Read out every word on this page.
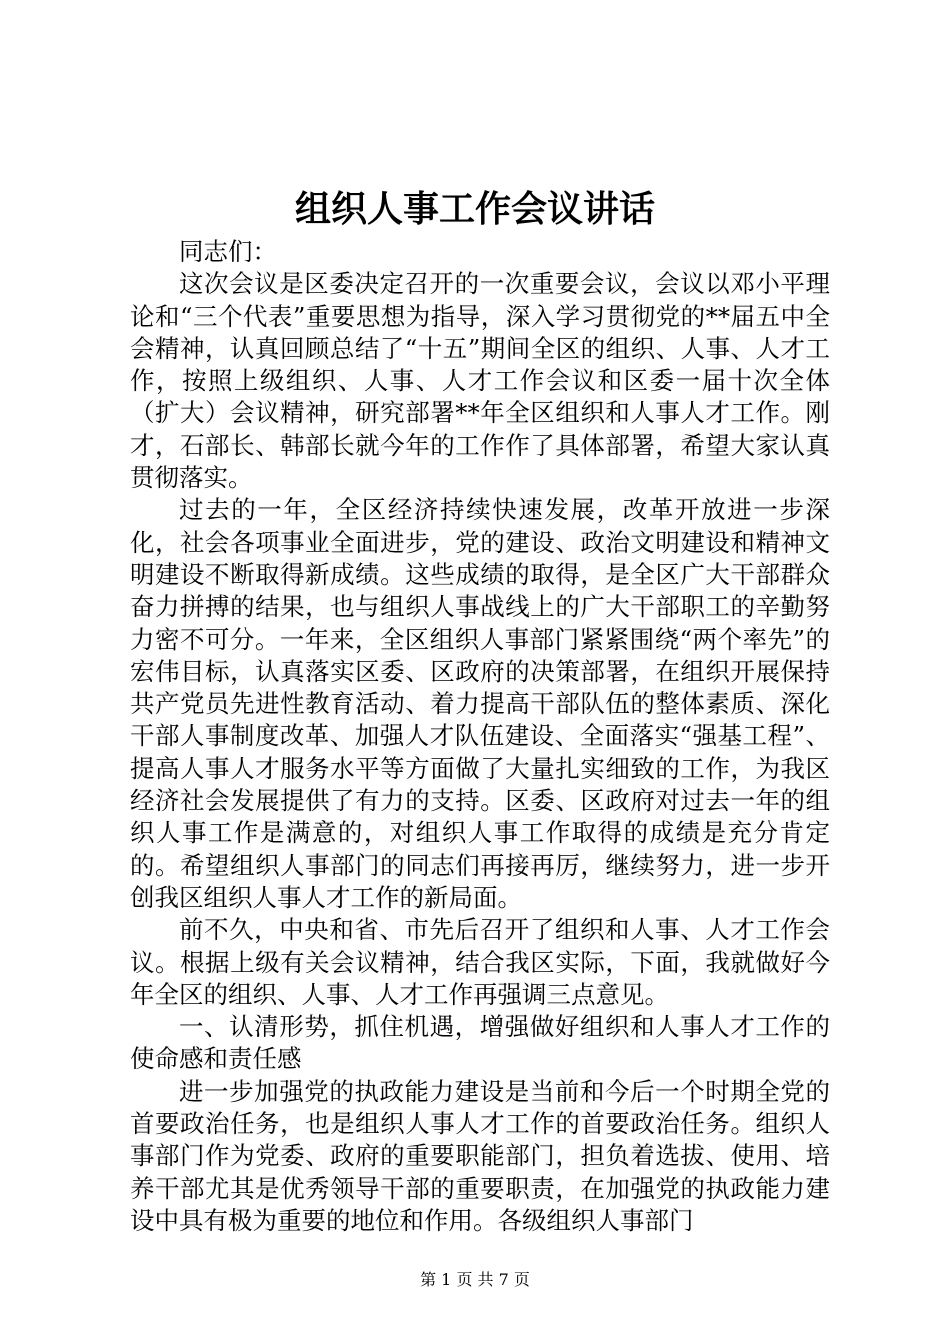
组织人事工作会议讲话

同志们：

这次会议是区委决定召开的一次重要会议，会议以邓小平理论和“三个代表”重要思想为指导，深入学习贯彻党的**届五中全会精神，认真回顾总结了“十五”期间全区的组织、人事、人才工作，按照上级组织、人事、人才工作会议和区委一届十次全体（扩大）会议精神，研究部署**年全区组织和人事人才工作。刚才，石部长、韩部长就今年的工作作了具体部署，希望大家认真贯彻落实。

过去的一年，全区经济持续快速发展，改革开放进一步深化，社会各项事业全面进步，党的建设、政治文明建设和精神文明建设不断取得新成绩。这些成绩的取得，是全区广大干部群众奋力拼搏的结果，也与组织人事战线上的广大干部职工的辛勤努力密不可分。一年来，全区组织人事部门紧紧围绕“两个率先”的宏伟目标，认真落实区委、区政府的决策部署，在组织开展保持共产党员先进性教育活动、着力提高干部队伍的整体素质、深化干部人事制度改革、加强人才队伍建设、全面落实“强基工程”、提高人事人才服务水平等方面做了大量扎实细致的工作，为我区经济社会发展提供了有力的支持。区委、区政府对过去一年的组织人事工作是满意的，对组织人事工作取得的成绩是充分肯定的。希望组织人事部门的同志们再接再厉，继续努力，进一步开创我区组织人事人才工作的新局面。

前不久，中央和省、市先后召开了组织和人事、人才工作会议。根据上级有关会议精神，结合我区实际，下面，我就做好今年全区的组织、人事、人才工作再强调三点意见。

一、认清形势，抓住机遇，增强做好组织和人事人才工作的使命感和责任感

进一步加强党的执政能力建设是当前和今后一个时期全党的首要政治任务，也是组织人事人才工作的首要政治任务。组织人事部门作为党委、政府的重要职能部门，担负着选拔、使用、培养干部尤其是优秀领导干部的重要职责，在加强党的执政能力建设中具有极为重要的地位和作用。各级组织人事部门

第 1 页 共 7 页
